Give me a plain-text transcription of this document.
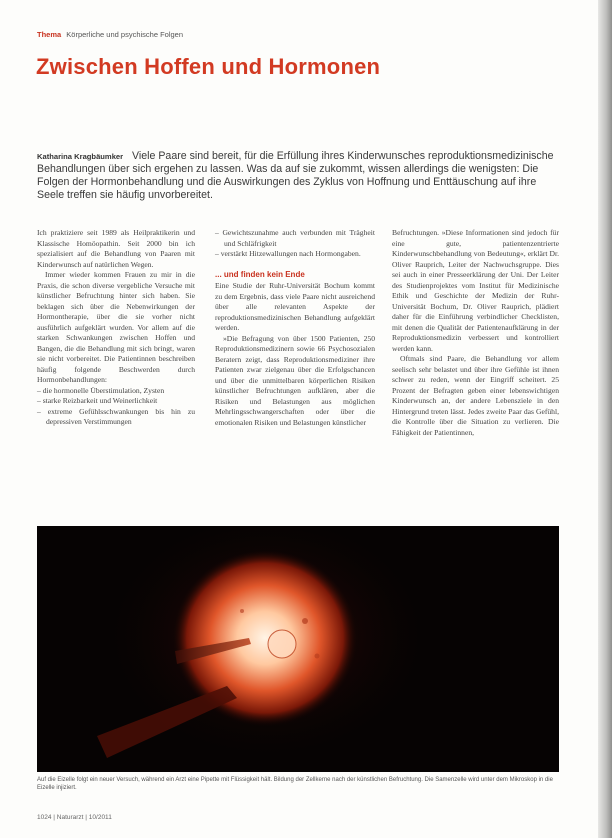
Thema Körperliche und psychische Folgen
Zwischen Hoffen und Hormonen

Katharina Kragbäumker Viele Paare sind bereit, für die Erfüllung ihres Kinderwunsches reproduktionsmedizinische Behandlungen über sich ergehen zu lassen. Was da auf sie zukommt, wissen allerdings die wenigsten: Die Folgen der Hormonbehandlung und die Auswirkungen des Zyklus von Hoffnung und Enttäuschung auf ihre Seele treffen sie häufig unvorbereitet.

Ich praktiziere seit 1989 als Heilpraktikerin und Klassische Homöopathin. Seit 2000 bin ich spezialisiert auf die Behandlung von Paaren mit Kinderwunsch auf natürlichen Wegen.

Immer wieder kommen Frauen zu mir in die Praxis, die schon diverse vergebliche Versuche mit künstlicher Befruchtung hinter sich haben. Sie beklagen sich über die Nebenwirkungen der Hormontherapie, über die sie vorher nicht ausführlich aufgeklärt wurden. Vor allem auf die starken Schwankungen zwischen Hoffen und Bangen, die die Behandlung mit sich bringt, waren sie nicht vorbereitet. Die Patientinnen beschreiben häufig folgende Beschwerden durch Hormonbehandlungen:

– die hormonelle Überstimulation, Zysten
– starke Reizbarkeit und Weinerlichkeit
– extreme Gefühlsschwankungen bis hin zu depressiven Verstimmungen
– Gewichtszunahme auch verbunden mit Trägheit und Schläfrigkeit
– verstärkt Hitzewallungen nach Hormongaben.
... und finden kein Ende

Eine Studie der Ruhr-Universität Bochum kommt zu dem Ergebnis, dass viele Paare nicht ausreichend über alle relevanten Aspekte der reproduktionsmedizinischen Behandlung aufgeklärt werden.

»Die Befragung von über 1500 Patienten, 250 Reproduktionsmedizinern sowie 66 Psychosozialen Beratern zeigt, dass Reproduktionsmediziner ihre Patienten zwar zielgenau über die Erfolgschancen und über die unmittelbaren körperlichen Risiken künstlicher Befruchtungen aufklären, aber die Risiken und Belastungen aus möglichen Mehrlingsschwangerschaften oder über die emotionalen Risiken und Belastungen künstlicher

Befruchtungen. »Diese Informationen sind jedoch für eine gute, patientenzentrierte Kinderwunschbehandlung von Bedeutung«, erklärt Dr. Oliver Rauprich, Leiter der Nachwuchsgruppe. Dies sei auch in einer Presseerklärung der Uni. Der Leiter des Studienprojektes vom Institut für Medizinische Ethik und Geschichte der Medizin der Ruhr-Universität Bochum, Dr. Oliver Rauprich, plädiert daher für die Einführung verbindlicher Checklisten, mit denen die Qualität der Patientenaufklärung in der Reproduktionsmedizin verbessert und kontrolliert werden kann.

Oftmals sind Paare, die Behandlung vor allem seelisch sehr belastet und über ihre Gefühle ist ihnen schwer zu reden, wenn der Eingriff scheitert. 25 Prozent der Befragten geben einer lebenswichtigen Kinderwunsch an, der andere Lebensziele in den Hintergrund treten lässt. Jedes zweite Paar das Gefühl, die Kontrolle über die Situation zu verlieren. Die Fähigkeit der Patientinnen,

Auf die Eizelle folgt ein neuer Versuch, während ein Arzt eine Pipette mit Flüssigkeit hält. Bildung der Zellkerne nach der künstlichen Befruchtung. Die Samenzelle wird unter dem Mikroskop in die Eizelle injiziert.
1024 | Naturarzt | 10/2011
